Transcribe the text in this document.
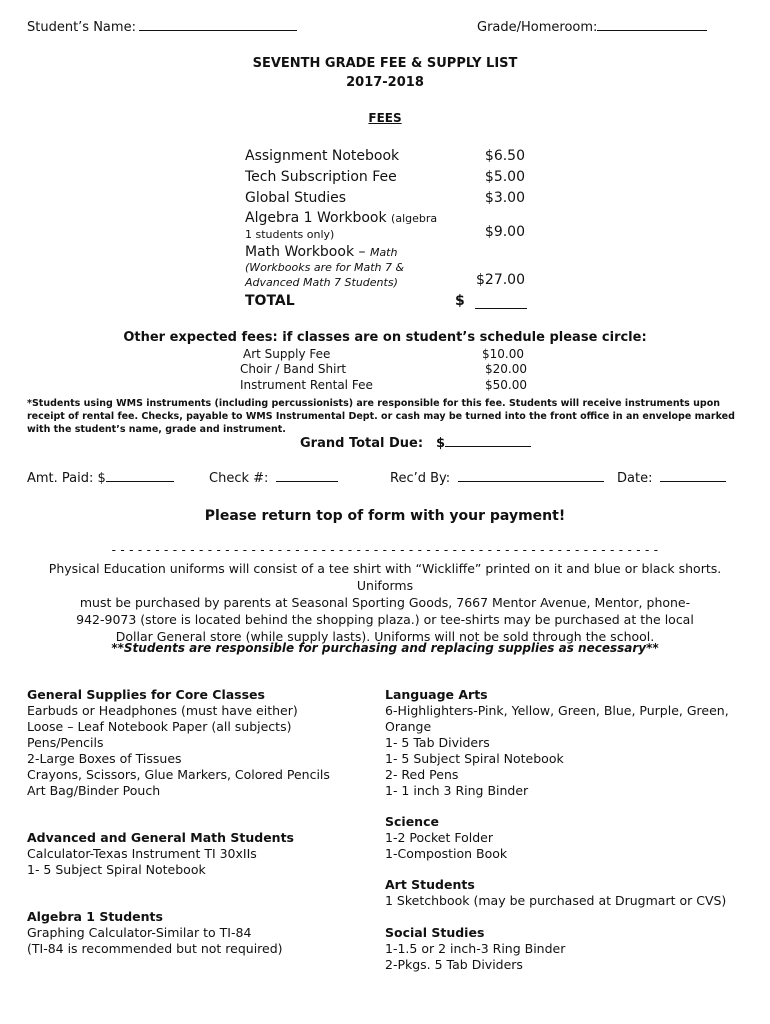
Student’s Name:	Grade/Homeroom:
SEVENTH GRADE FEE & SUPPLY LIST
2017-2018
FEES
Assignment Notebook	$6.50
Tech Subscription Fee	$5.00
Global Studies	$3.00
Algebra 1 Workbook (algebra
1 students only)	$9.00
Math Workbook – Math
(Workbooks are for Math 7 &
Advanced Math 7 Students)	$27.00
TOTAL	$
Other expected fees: if classes are on student’s schedule please circle:
Art Supply Fee	$10.00
Choir / Band Shirt	$20.00
Instrument Rental Fee	$50.00
*Students using WMS instruments (including percussionists) are responsible for this fee. Students will receive instruments upon receipt of rental fee. Checks, payable to WMS Instrumental Dept. or cash may be turned into the front office in an envelope marked with the student’s name, grade and instrument.
Grand Total Due: $
Amt. Paid: $	Check #:	Rec’d By:	Date:
Please return top of form with your payment!
- - - - - - - - - - - - - - - - - - - - - - - - - - - - - - - - - - - - - - - - - - - - - - - - - - - - - - - - - - - - - - -
Physical Education uniforms will consist of a tee shirt with “Wickliffe” printed on it and blue or black shorts. Uniforms
must be purchased by parents at Seasonal Sporting Goods, 7667 Mentor Avenue, Mentor, phone-
942-9073 (store is located behind the shopping plaza.) or tee-shirts may be purchased at the local
Dollar General store (while supply lasts). Uniforms will not be sold through the school.
**Students are responsible for purchasing and replacing supplies as necessary**
General Supplies for Core Classes
Earbuds or Headphones (must have either)
Loose – Leaf Notebook Paper (all subjects)
Pens/Pencils
2-Large Boxes of Tissues
Crayons, Scissors, Glue Markers, Colored Pencils
Art Bag/Binder Pouch
Advanced and General Math Students
Calculator-Texas Instrument TI 30xIIs
1- 5 Subject Spiral Notebook
Algebra 1 Students
Graphing Calculator-Similar to TI-84
(TI-84 is recommended but not required)
Language Arts
6-Highlighters-Pink, Yellow, Green, Blue, Purple, Green,
Orange
1- 5 Tab Dividers
1- 5 Subject Spiral Notebook
2- Red Pens
1- 1 inch 3 Ring Binder
Science
1-2 Pocket Folder
1-Compostion Book
Art Students
1 Sketchbook (may be purchased at Drugmart or CVS)
Social Studies
1-1.5 or 2 inch-3 Ring Binder
2-Pkgs. 5 Tab Dividers
